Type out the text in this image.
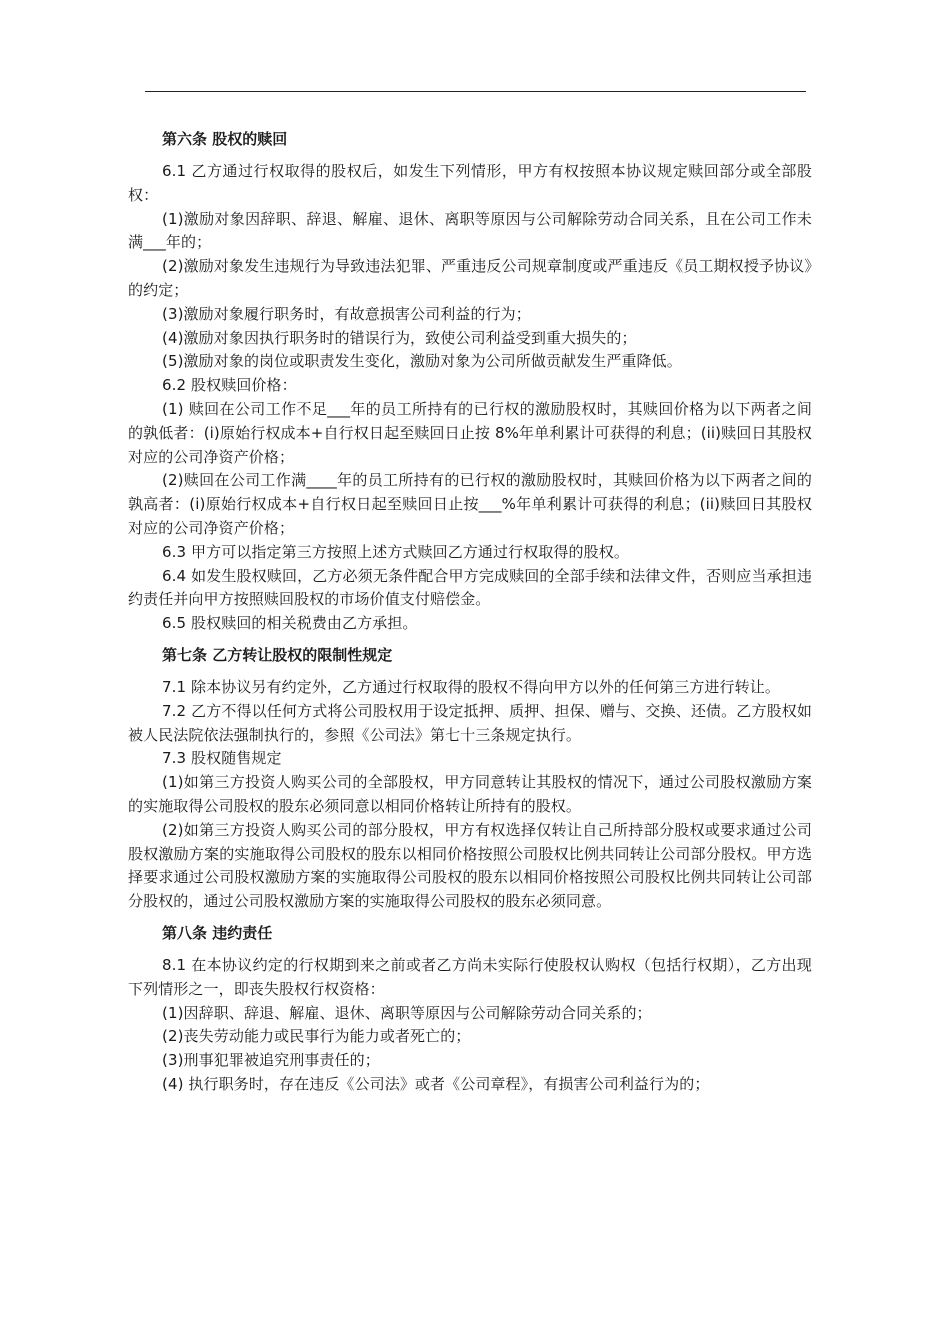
第六条 股权的赎回

6.1 乙方通过行权取得的股权后，如发生下列情形，甲方有权按照本协议规定赎回部分或全部股权：

(1)激励对象因辞职、辞退、解雇、退休、离职等原因与公司解除劳动合同关系，且在公司工作未满___年的；

(2)激励对象发生违规行为导致违法犯罪、严重违反公司规章制度或严重违反《员工期权授予协议》的约定；

(3)激励对象履行职务时，有故意损害公司利益的行为；

(4)激励对象因执行职务时的错误行为，致使公司利益受到重大损失的；

(5)激励对象的岗位或职责发生变化，激励对象为公司所做贡献发生严重降低。

6.2 股权赎回价格：

(1) 赎回在公司工作不足___年的员工所持有的已行权的激励股权时，其赎回价格为以下两者之间的孰低者：(i)原始行权成本+自行权日起至赎回日止按 8%年单利累计可获得的利息；(ii)赎回日其股权对应的公司净资产价格；

(2)赎回在公司工作满____年的员工所持有的已行权的激励股权时，其赎回价格为以下两者之间的孰高者：(i)原始行权成本+自行权日起至赎回日止按___%年单利累计可获得的利息；(ii)赎回日其股权对应的公司净资产价格；

6.3 甲方可以指定第三方按照上述方式赎回乙方通过行权取得的股权。

6.4 如发生股权赎回，乙方必须无条件配合甲方完成赎回的全部手续和法律文件，否则应当承担违约责任并向甲方按照赎回股权的市场价值支付赔偿金。

6.5 股权赎回的相关税费由乙方承担。

第七条 乙方转让股权的限制性规定

7.1 除本协议另有约定外，乙方通过行权取得的股权不得向甲方以外的任何第三方进行转让。

7.2 乙方不得以任何方式将公司股权用于设定抵押、质押、担保、赠与、交换、还债。乙方股权如被人民法院依法强制执行的，参照《公司法》第七十三条规定执行。

7.3 股权随售规定

(1)如第三方投资人购买公司的全部股权，甲方同意转让其股权的情况下，通过公司股权激励方案的实施取得公司股权的股东必须同意以相同价格转让所持有的股权。

(2)如第三方投资人购买公司的部分股权，甲方有权选择仅转让自己所持部分股权或要求通过公司股权激励方案的实施取得公司股权的股东以相同价格按照公司股权比例共同转让公司部分股权。甲方选择要求通过公司股权激励方案的实施取得公司股权的股东以相同价格按照公司股权比例共同转让公司部分股权的，通过公司股权激励方案的实施取得公司股权的股东必须同意。

第八条 违约责任

8.1 在本协议约定的行权期到来之前或者乙方尚未实际行使股权认购权（包括行权期），乙方出现下列情形之一，即丧失股权行权资格：

(1)因辞职、辞退、解雇、退休、离职等原因与公司解除劳动合同关系的；

(2)丧失劳动能力或民事行为能力或者死亡的；

(3)刑事犯罪被追究刑事责任的；

(4) 执行职务时，存在违反《公司法》或者《公司章程》，有损害公司利益行为的；
